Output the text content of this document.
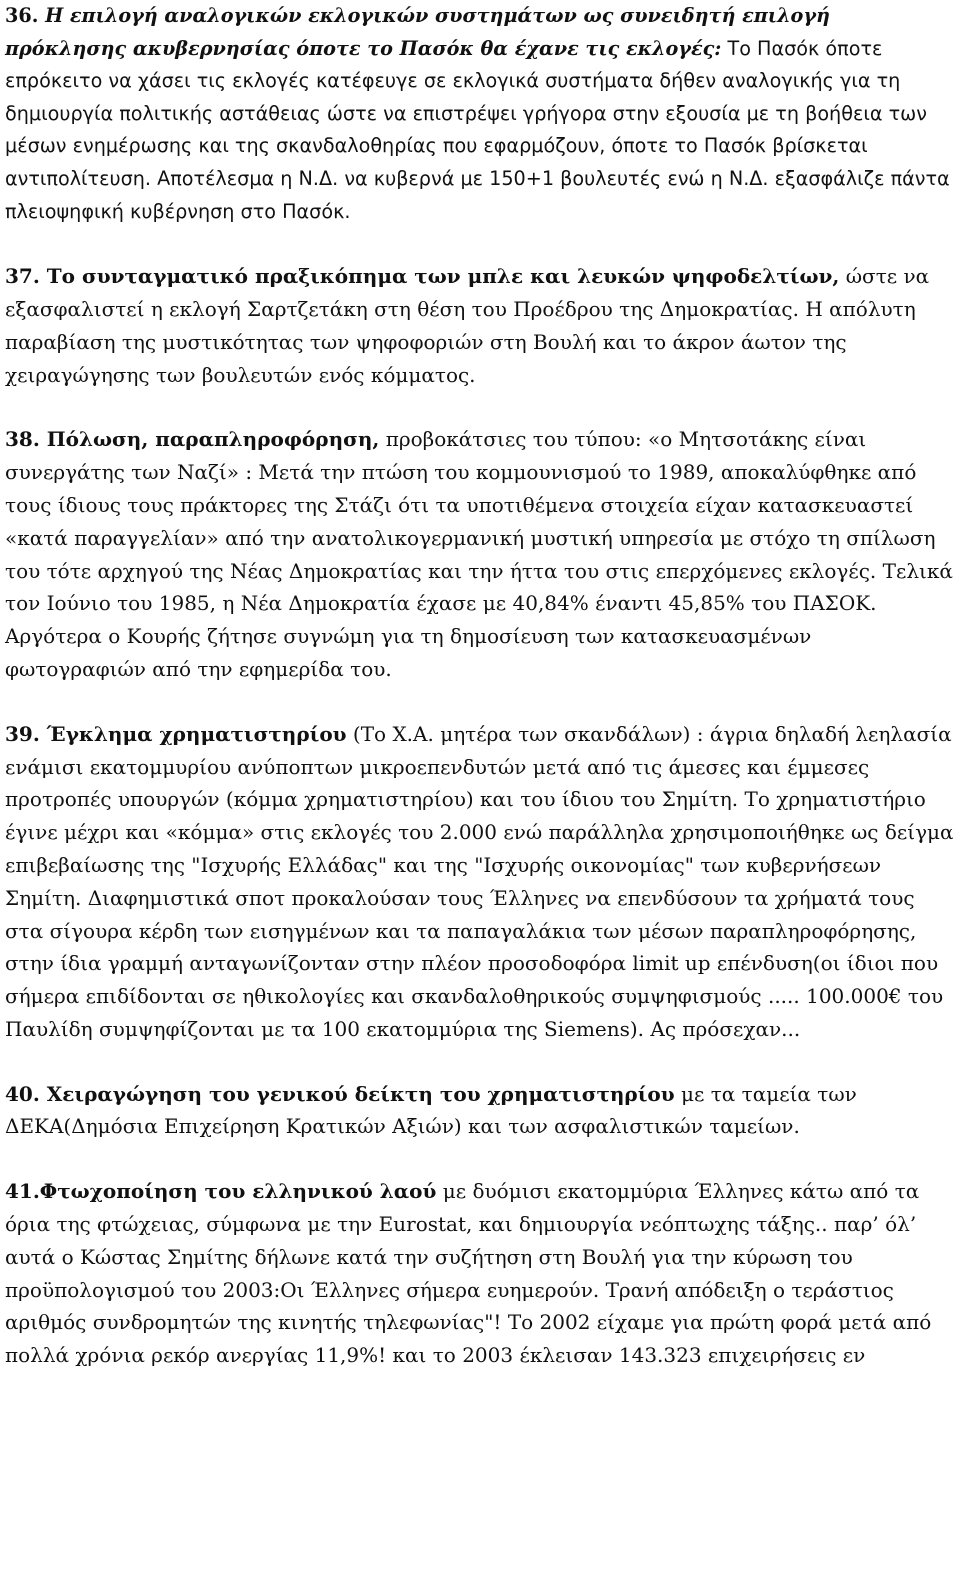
36. Η επιλογή αναλογικών εκλογικών συστημάτων ως συνειδητή επιλογή πρόκλησης ακυβερνησίας όποτε το Πασόκ θα έχανε τις εκλογές: Το Πασόκ όποτε επρόκειτο να χάσει τις εκλογές κατέφευγε σε εκλογικά συστήματα δήθεν αναλογικής για τη δημιουργία πολιτικής αστάθειας ώστε να επιστρέψει γρήγορα στην εξουσία με τη βοήθεια των μέσων ενημέρωσης και της σκανδαλοθηρίας που εφαρμόζουν, όποτε το Πασόκ βρίσκεται αντιπολίτευση. Αποτέλεσμα η Ν.Δ. να κυβερνά με 150+1 βουλευτές ενώ η Ν.Δ. εξασφάλιζε πάντα πλειοψηφική κυβέρνηση στο Πασόκ.

37. Το συνταγματικό πραξικόπημα των μπλε και λευκών ψηφοδελτίων, ώστε να εξασφαλιστεί η εκλογή Σαρτζετάκη στη θέση του Προέδρου της Δημοκρατίας. Η απόλυτη παραβίαση της μυστικότητας των ψηφοφοριών στη Βουλή και το άκρον άωτον της χειραγώγησης των βουλευτών ενός κόμματος.

38. Πόλωση, παραπληροφόρηση, προβοκάτσιες του τύπου: «ο Μητσοτάκης είναι συνεργάτης των Ναζί» : Μετά την πτώση του κομμουνισμού το 1989, αποκαλύφθηκε από τους ίδιους τους πράκτορες της Στάζι ότι τα υποτιθέμενα στοιχεία είχαν κατασκευαστεί «κατά παραγγελίαν» από την ανατολικογερμανική μυστική υπηρεσία με στόχο τη σπίλωση του τότε αρχηγού της Νέας Δημοκρατίας και την ήττα του στις επερχόμενες εκλογές. Τελικά τον Ιούνιο του 1985, η Νέα Δημοκρατία έχασε με 40,84% έναντι 45,85% του ΠΑΣΟΚ. Αργότερα ο Κουρής ζήτησε συγνώμη για τη δημοσίευση των κατασκευασμένων φωτογραφιών από την εφημερίδα του.

39. Έγκλημα χρηματιστηρίου (Το Χ.Α. μητέρα των σκανδάλων) : άγρια δηλαδή λεηλασία ενάμισι εκατομμυρίου ανύποπτων μικροεπενδυτών μετά από τις άμεσες και έμμεσες προτροπές υπουργών (κόμμα χρηματιστηρίου) και του ίδιου του Σημίτη. Το χρηματιστήριο έγινε μέχρι και «κόμμα» στις εκλογές του 2.000 ενώ παράλληλα χρησιμοποιήθηκε ως δείγμα επιβεβαίωσης της "Ισχυρής Ελλάδας" και της "Ισχυρής οικονομίας" των κυβερνήσεων Σημίτη. Διαφημιστικά σποτ προκαλούσαν τους Έλληνες να επενδύσουν τα χρήματά τους στα σίγουρα κέρδη των εισηγμένων και τα παπαγαλάκια των μέσων παραπληροφόρησης, στην ίδια γραμμή ανταγωνίζονταν στην πλέον προσοδοφόρα limit up επένδυση(οι ίδιοι που σήμερα επιδίδονται σε ηθικολογίες και σκανδαλοθηρικούς συμψηφισμούς ..... 100.000€ του Παυλίδη συμψηφίζονται με τα 100 εκατομμύρια της Siemens). Ας πρόσεχαν...

40. Χειραγώγηση του γενικού δείκτη του χρηματιστηρίου με τα ταμεία των ΔΕΚΑ(Δημόσια Επιχείρηση Κρατικών Αξιών) και των ασφαλιστικών ταμείων.

41.Φτωχοποίηση του ελληνικού λαού με δυόμισι εκατομμύρια Έλληνες κάτω από τα όρια της φτώχειας, σύμφωνα με την Eurostat, και δημιουργία νεόπτωχης τάξης.. παρ’ όλ’ αυτά ο Κώστας Σημίτης δήλωνε κατά την συζήτηση στη Βουλή για την κύρωση του προϋπολογισμού του 2003:Οι Έλληνες σήμερα ευημερούν. Τρανή απόδειξη ο τεράστιος αριθμός συνδρομητών της κινητής τηλεφωνίας"! Το 2002 είχαμε για πρώτη φορά μετά από πολλά χρόνια ρεκόρ ανεργίας 11,9%! και το 2003 έκλεισαν 143.323 επιχειρήσεις εν
